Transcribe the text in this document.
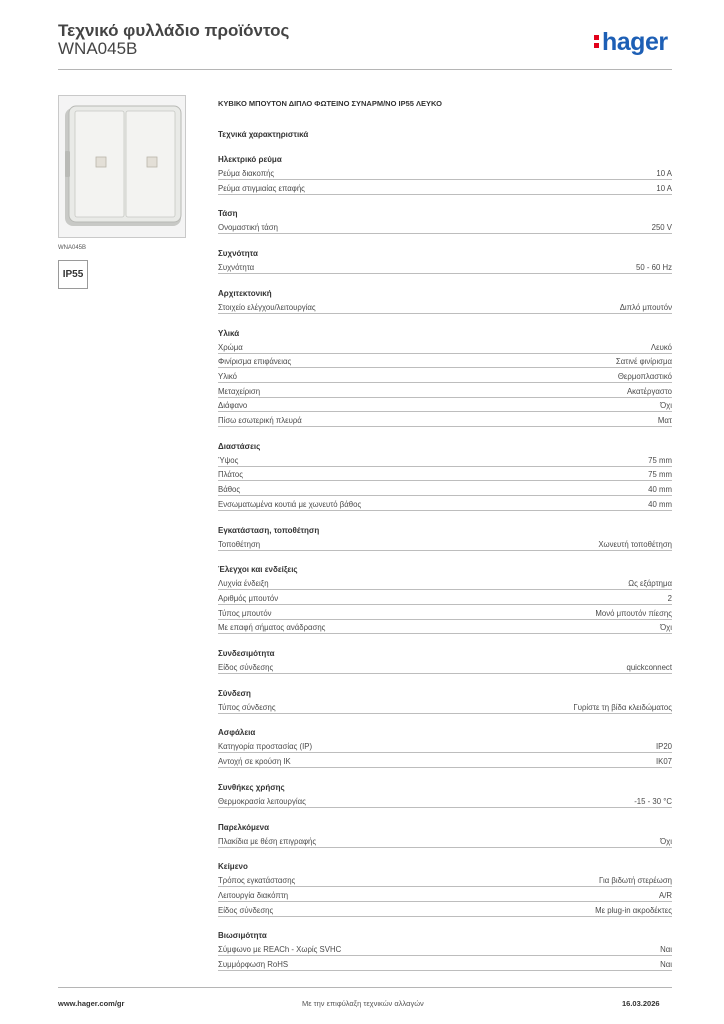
Τεχνικό φυλλάδιο προϊόντος
WNA045B	hager
WNA045B
IP55
ΚΥΒΙΚΟ ΜΠΟΥΤΟΝ ΔΙΠΛΟ ΦΩΤΕΙΝΟ ΣΥΝΑΡΜ/ΝΟ IP55 ΛΕΥΚΟ
Τεχνικά χαρακτηριστικά
Ηλεκτρικό ρεύμα
Ρεύμα διακοπής	10 A
Ρεύμα στιγμιαίας επαφής	10 A
Τάση
Ονομαστική τάση	250 V
Συχνότητα
Συχνότητα	50 - 60 Hz
Αρχιτεκτονική
Στοιχείο ελέγχου/λειτουργίας	Διπλό μπουτόν
Υλικά
Χρώμα	Λευκό
Φινίρισμα επιφάνειας	Σατινέ φινίρισμα
Υλικό	Θερμοπλαστικό
Μεταχείριση	Ακατέργαστο
Διάφανο	Όχι
Πίσω εσωτερική πλευρά	Ματ
Διαστάσεις
Ύψος	75 mm
Πλάτος	75 mm
Βάθος	40 mm
Ενσωματωμένα κουτιά με χωνευτό βάθος	40 mm
Εγκατάσταση, τοποθέτηση
Τοποθέτηση	Χωνευτή τοποθέτηση
Έλεγχοι και ενδείξεις
Λυχνία ένδειξη	Ως εξάρτημα
Αριθμός μπουτόν	2
Τύπος μπουτόν	Μονό μπουτόν πίεσης
Με επαφή σήματος ανάδρασης	Όχι
Συνδεσιμότητα
Είδος σύνδεσης	quickconnect
Σύνδεση
Τύπος σύνδεσης	Γυρίστε τη βίδα κλειδώματος
Ασφάλεια
Κατηγορία προστασίας (IP)	IP20
Αντοχή σε κρούση IK	IK07
Συνθήκες χρήσης
Θερμοκρασία λειτουργίας	-15 - 30 °C
Παρελκόμενα
Πλακίδια με θέση επιγραφής	Όχι
Κείμενο
Τρόπος εγκατάστασης	Για βιδωτή στερέωση
Λειτουργία διακόπτη	A/R
Είδος σύνδεσης	Με plug-in ακροδέκτες
Βιωσιμότητα
Σύμφωνο με REACh - Χωρίς SVHC	Ναι
Συμμόρφωση RoHS	Ναι
www.hager.com/gr	Με την επιφύλαξη τεχνικών αλλαγών	16.03.2026
